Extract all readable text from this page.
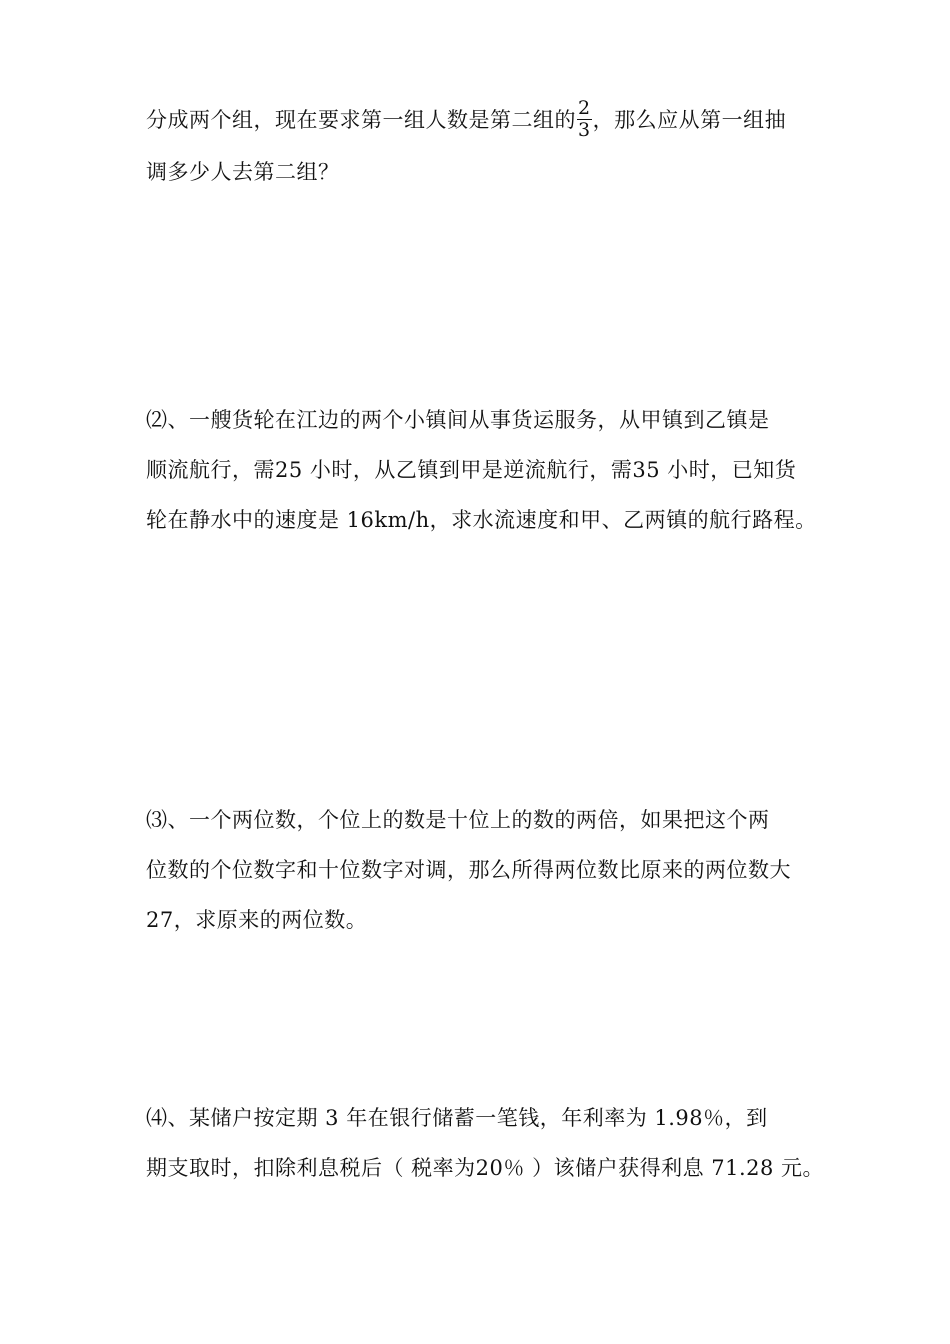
分成两个组，现在要求第一组人数是第二组的 $\frac{2}{3}$ ，那么应从第一组抽
调多少人去第二组？
⑵、一艘货轮在江边的两个小镇间从事货运服务，从甲镇到乙镇是
顺流航行，需25 小时，从乙镇到甲是逆流航行，需35 小时，已知货
轮在静水中的速度是 16km/h，求水流速度和甲、乙两镇的航行路程。
⑶、一个两位数，个位上的数是十位上的数的两倍，如果把这个两
位数的个位数字和十位数字对调，那么所得两位数比原来的两位数大
27，求原来的两位数。
⑷、某储户按定期 3 年在银行储蓄一笔钱，年利率为 1.98％，到
期支取时，扣除利息税后（ 税率为20％ ）该储户获得利息 71.28 元。
